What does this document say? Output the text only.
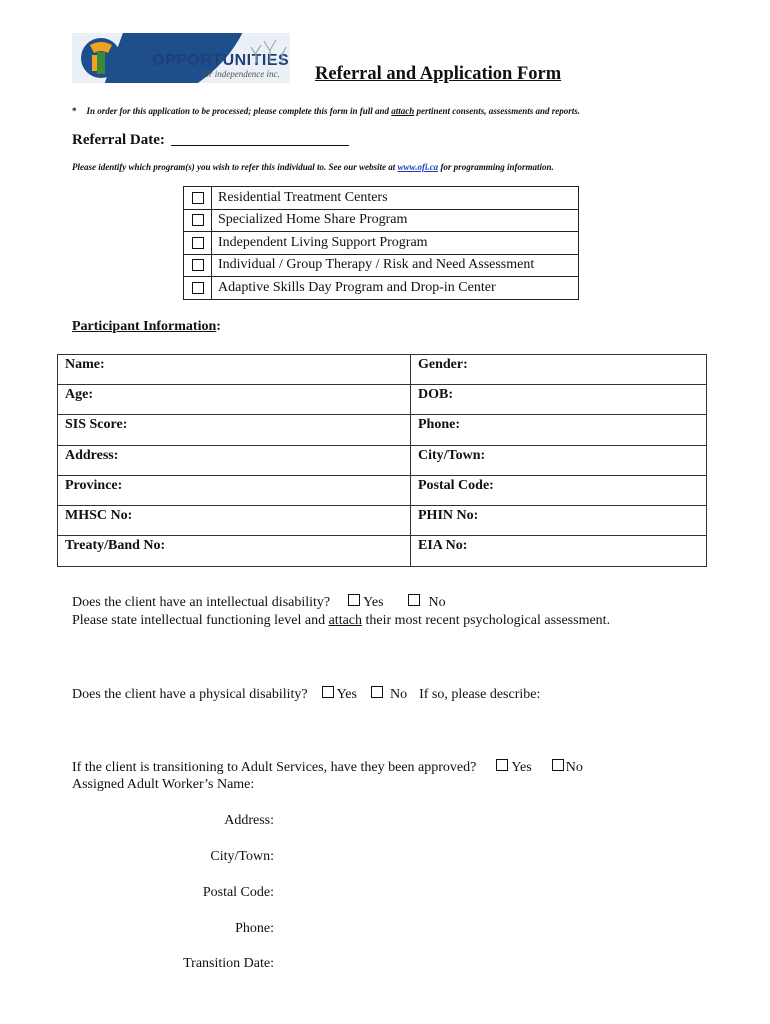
OPPORTUNITIES
for independence inc. Referral and Application Form
* In order for this application to be processed; please complete this form in full and attach pertinent consents, assessments and reports.
Referral Date:
Please identify which program(s) you wish to refer this individual to. See our website at www.ofi.ca for programming information.
	Residential Treatment Centers
	Specialized Home Share Program
	Independent Living Support Program
	Individual / Group Therapy / Risk and Need Assessment
	Adaptive Skills Day Program and Drop-in Center
Participant Information:
Name:	Gender:
Age:	DOB:
SIS Score:	Phone:
Address:	City/Town:
Province:	Postal Code:
MHSC No:	PHIN No:
Treaty/Band No:	EIA No:
Does the client have an intellectual disability? Yes	No
Please state intellectual functioning level and attach their most recent psychological assessment.
Does the client have a physical disability? Yes No If so, please describe:
If the client is transitioning to Adult Services, have they been approved?	Yes No
Assigned Adult Worker’s Name:
Address:
City/Town:
Postal Code:
Phone:
Transition Date:
